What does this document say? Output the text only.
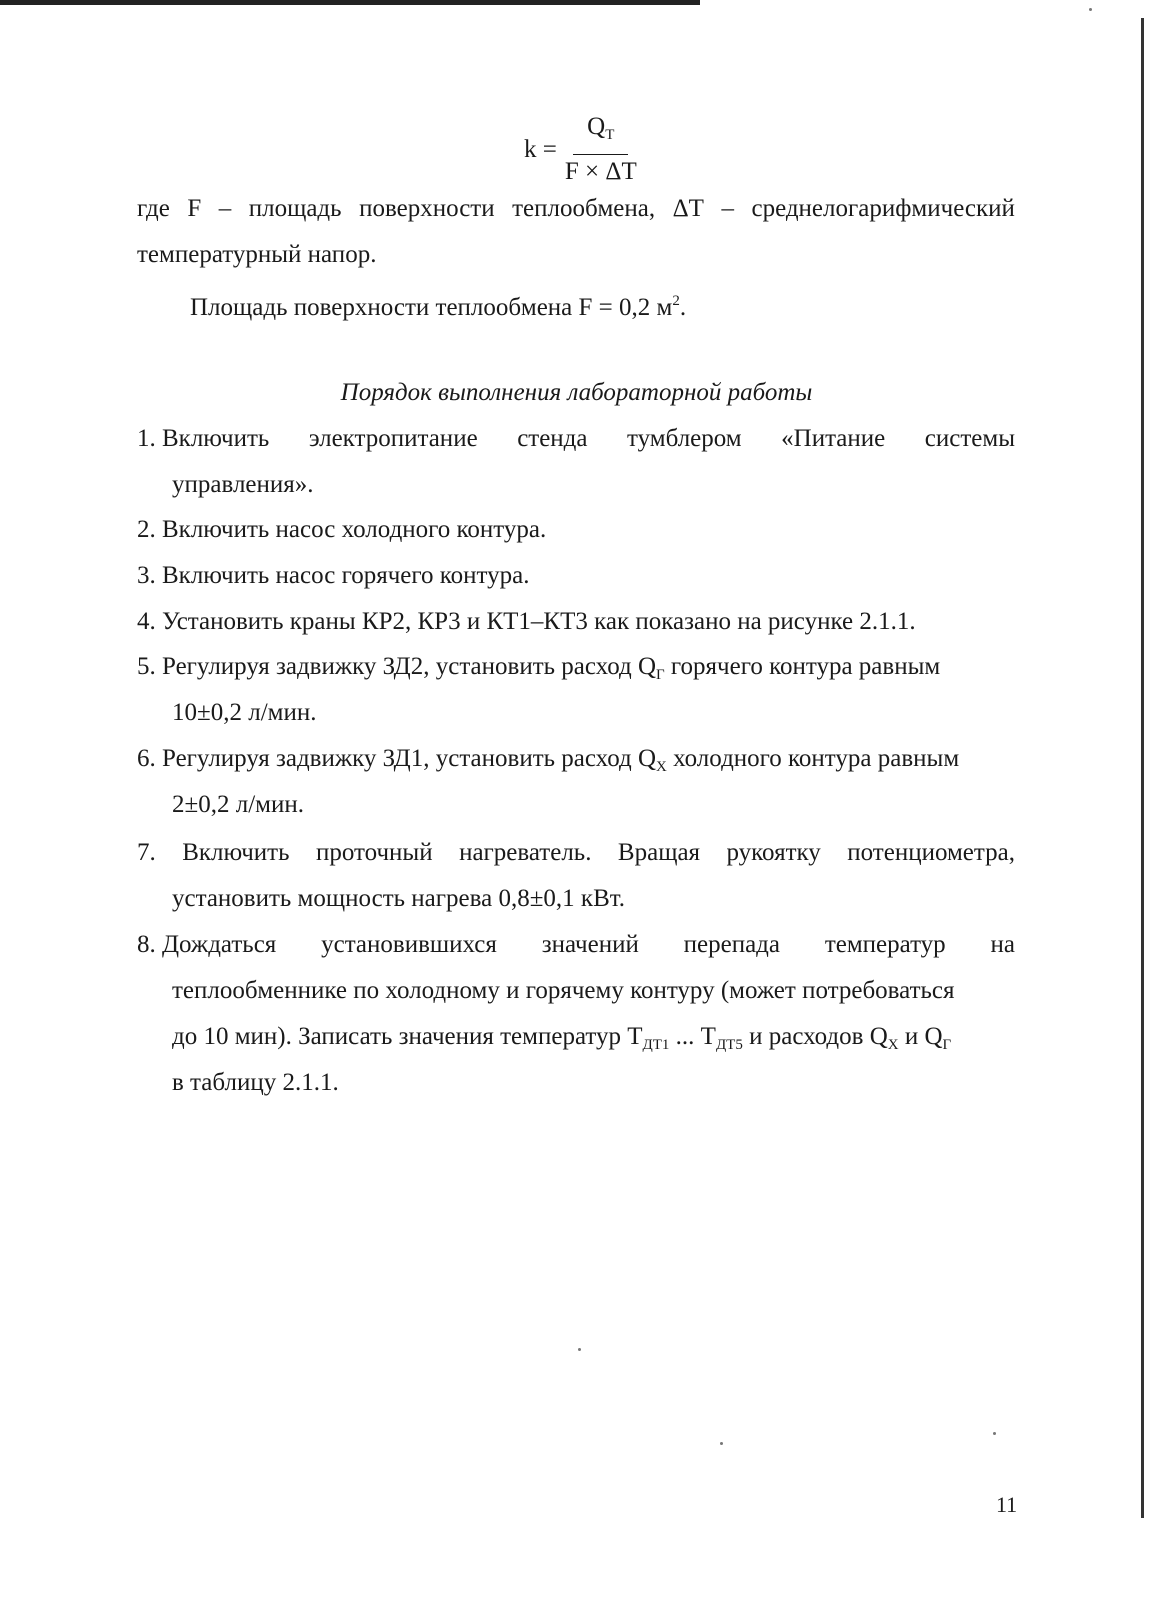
$k = \frac{Q_T}{F \times \Delta T}$
где F – площадь поверхности теплообмена, ΔT – среднелогарифмический
температурный напор.
Площадь поверхности теплообмена F = 0,2 $м^2$.
Порядок выполнения лабораторной работы
1. Включить электропитание стенда тумблером «Питание системы
управления».
2. Включить насос холодного контура.
3. Включить насос горячего контура.
4. Установить краны КР2, КР3 и КТ1–КТ3 как показано на рисунке 2.1.1.
5. Регулируя задвижку ЗД2, установить расход $Q_Г$ горячего контура равным
10±0,2 л/мин.
6. Регулируя задвижку ЗД1, установить расход $Q_Х$ холодного контура равным
2±0,2 л/мин.
7. Включить проточный нагреватель. Вращая рукоятку потенциометра,
установить мощность нагрева 0,8±0,1 кВт.
8. Дождаться установившихся значений перепада температур на
теплообменнике по холодному и горячему контуру (может потребоваться
до 10 мин). Записать значения температур $T_{ДТ1}$ ... $T_{ДТ5}$ и расходов $Q_Х$ и $Q_Г$
в таблицу 2.1.1.
11
